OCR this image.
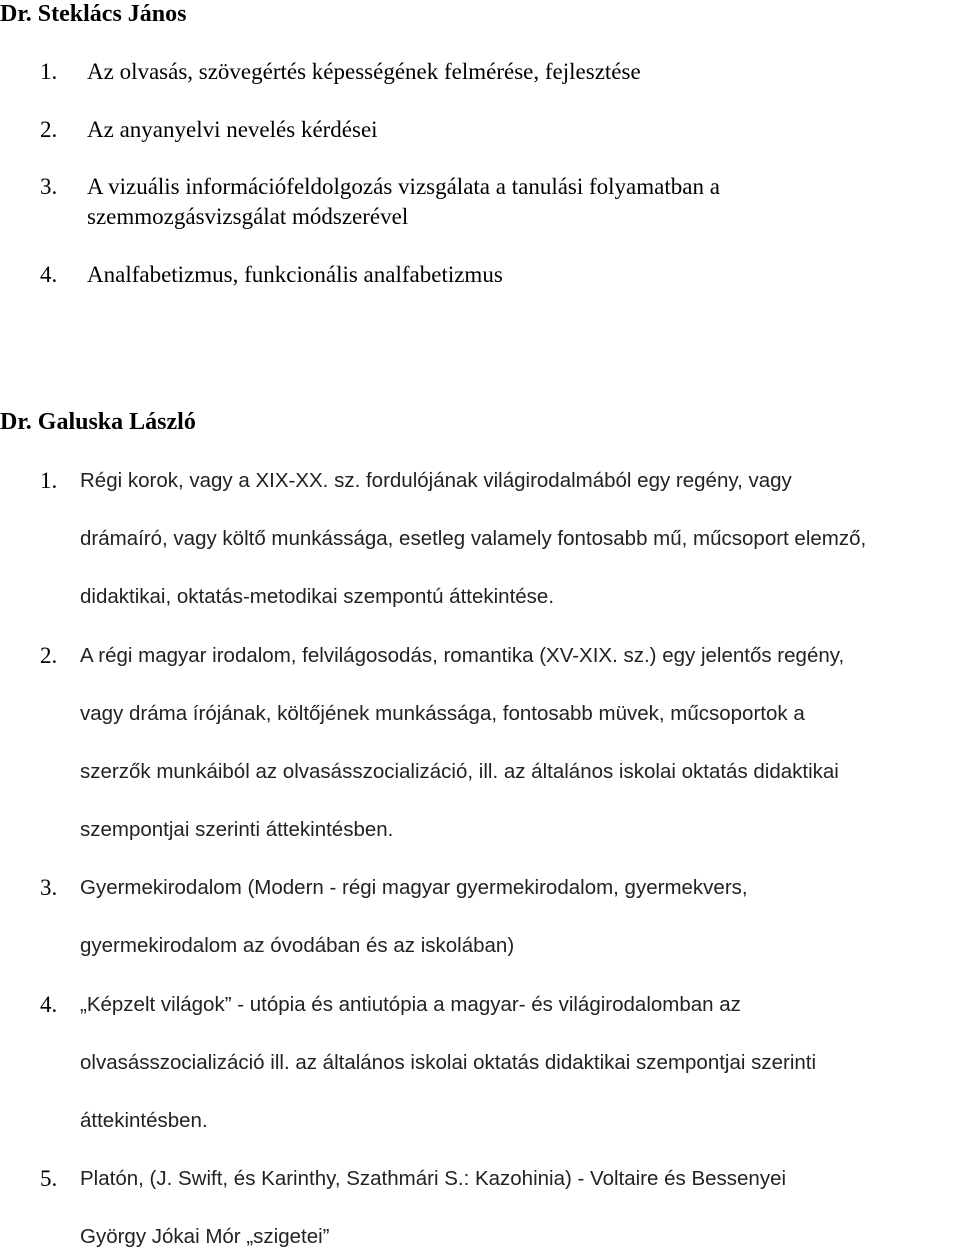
Dr. Steklács János
1. Az olvasás, szövegértés képességének felmérése, fejlesztése
2. Az anyanyelvi nevelés kérdései
3. A vizuális információfeldolgozás vizsgálata a tanulási folyamatban a
szemmozgásvizsgálat módszerével
4. Analfabetizmus, funkcionális analfabetizmus
Dr. Galuska László
1. Régi korok, vagy a XIX-XX. sz. fordulójának világirodalmából egy regény, vagy
drámaíró, vagy költő munkássága, esetleg valamely fontosabb mű, műcsoport elemző,
didaktikai, oktatás-metodikai szempontú áttekintése.
2. A régi magyar irodalom, felvilágosodás, romantika (XV-XIX. sz.) egy jelentős regény,
vagy dráma írójának, költőjének munkássága, fontosabb müvek, műcsoportok a
szerzők munkáiból az olvasásszocializáció, ill. az általános iskolai oktatás didaktikai
szempontjai szerinti áttekintésben.
3. Gyermekirodalom (Modern - régi magyar gyermekirodalom, gyermekvers,
gyermekirodalom az óvodában és az iskolában)
4. „Képzelt világok” - utópia és antiutópia a magyar- és világirodalomban az
olvasásszocializáció ill. az általános iskolai oktatás didaktikai szempontjai szerinti
áttekintésben.
5. Platón, (J. Swift, és Karinthy, Szathmári S.: Kazohinia) - Voltaire és Bessenyei
György Jókai Mór „szigetei”
